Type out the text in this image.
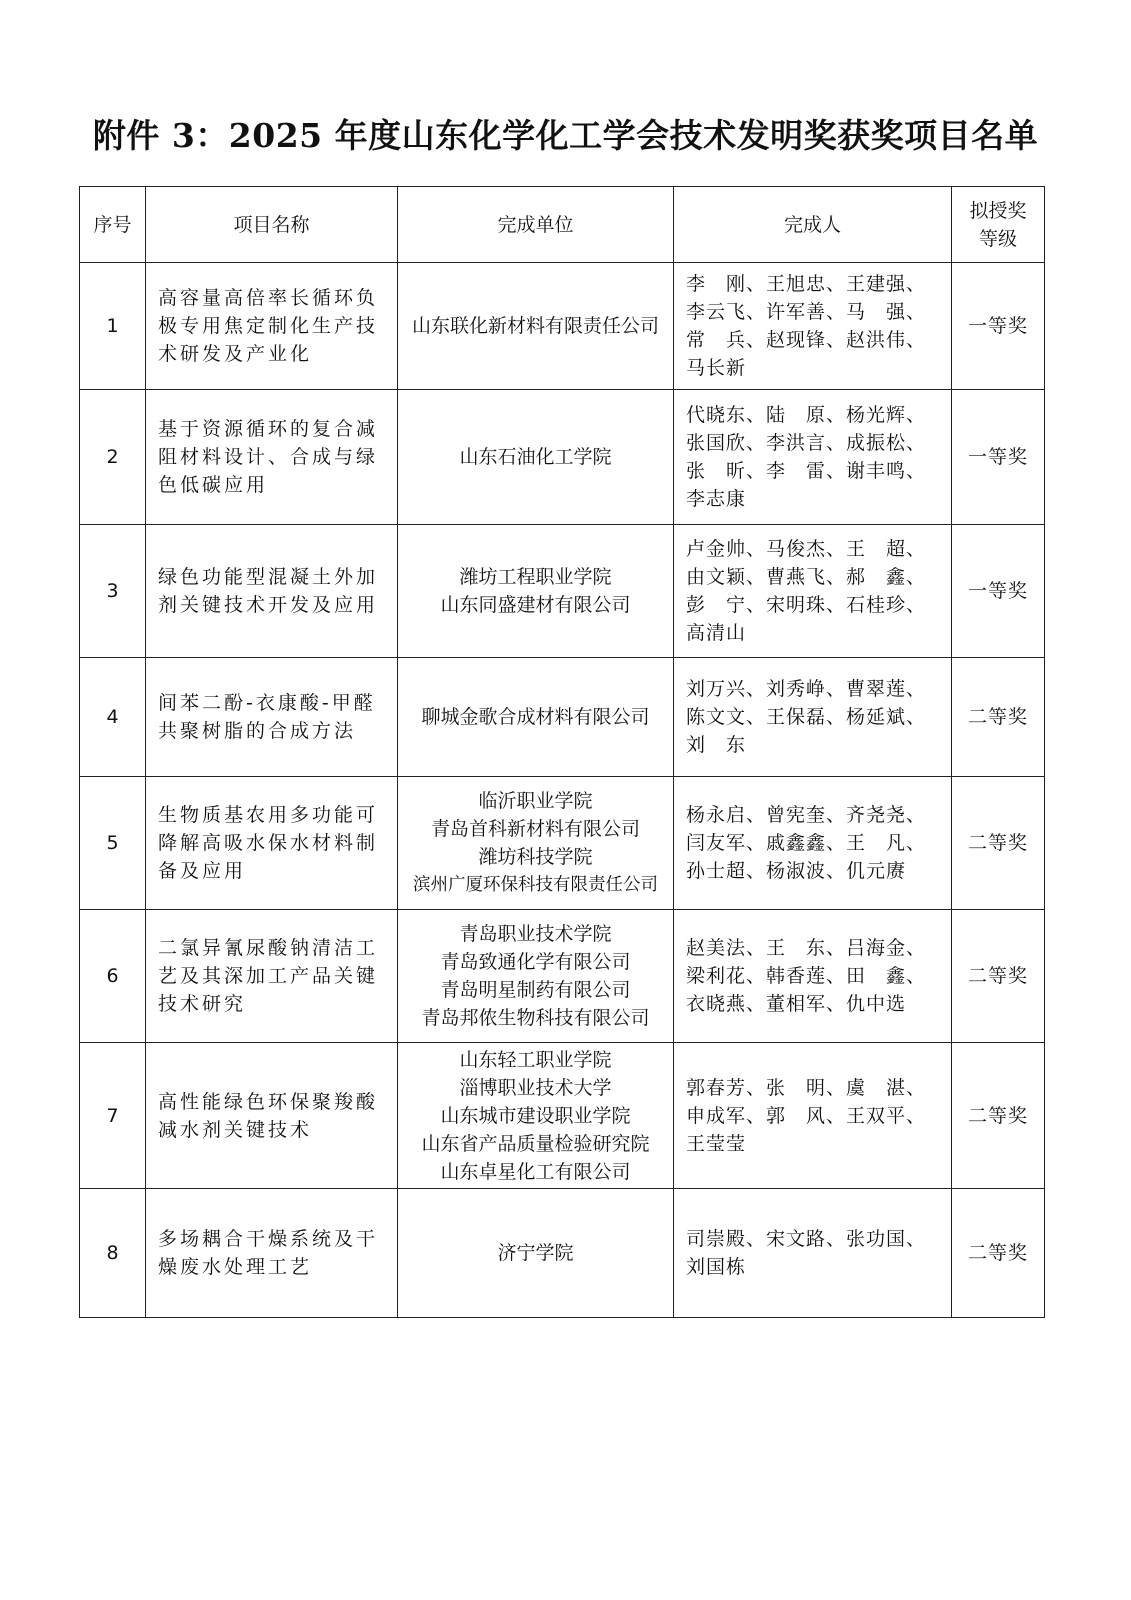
附件 3：2025 年度山东化学化工学会技术发明奖获奖项目名单
序号	项目名称	完成单位	完成人	拟授奖
等级
1	高容量高倍率长循环负极专用焦定制化生产技术研发及产业化	山东联化新材料有限责任公司	李　刚、王旭忠、王建强、李云飞、许军善、马　强、常　兵、赵现锋、赵洪伟、马长新	一等奖
2	基于资源循环的复合减阻材料设计、合成与绿色低碳应用	山东石油化工学院	代晓东、陆　原、杨光辉、张国欣、李洪言、成振松、张　昕、李　雷、谢丰鸣、李志康	一等奖
3	绿色功能型混凝土外加剂关键技术开发及应用	潍坊工程职业学院
山东同盛建材有限公司	卢金帅、马俊杰、王　超、由文颖、曹燕飞、郝　鑫、彭　宁、宋明珠、石桂珍、高清山	一等奖
4	间苯二酚-衣康酸-甲醛共聚树脂的合成方法	聊城金歌合成材料有限公司	刘万兴、刘秀峥、曹翠莲、陈文文、王保磊、杨延斌、刘　东	二等奖
5	生物质基农用多功能可降解高吸水保水材料制备及应用	临沂职业学院
青岛首科新材料有限公司
潍坊科技学院
滨州广厦环保科技有限责任公司	杨永启、曾宪奎、齐尧尧、闫友军、戚鑫鑫、王　凡、孙士超、杨淑波、仉元赓	二等奖
6	二氯异氰尿酸钠清洁工艺及其深加工产品关键技术研究	青岛职业技术学院
青岛致通化学有限公司
青岛明星制药有限公司
青岛邦侬生物科技有限公司	赵美法、王　东、吕海金、梁利花、韩香莲、田　鑫、衣晓燕、董相军、仇中选	二等奖
7	高性能绿色环保聚羧酸减水剂关键技术	山东轻工职业学院
淄博职业技术大学
山东城市建设职业学院
山东省产品质量检验研究院
山东卓星化工有限公司	郭春芳、张　明、虞　湛、申成军、郭　风、王双平、王莹莹	二等奖
8	多场耦合干燥系统及干燥废水处理工艺	济宁学院	司崇殿、宋文路、张功国、刘国栋	二等奖
